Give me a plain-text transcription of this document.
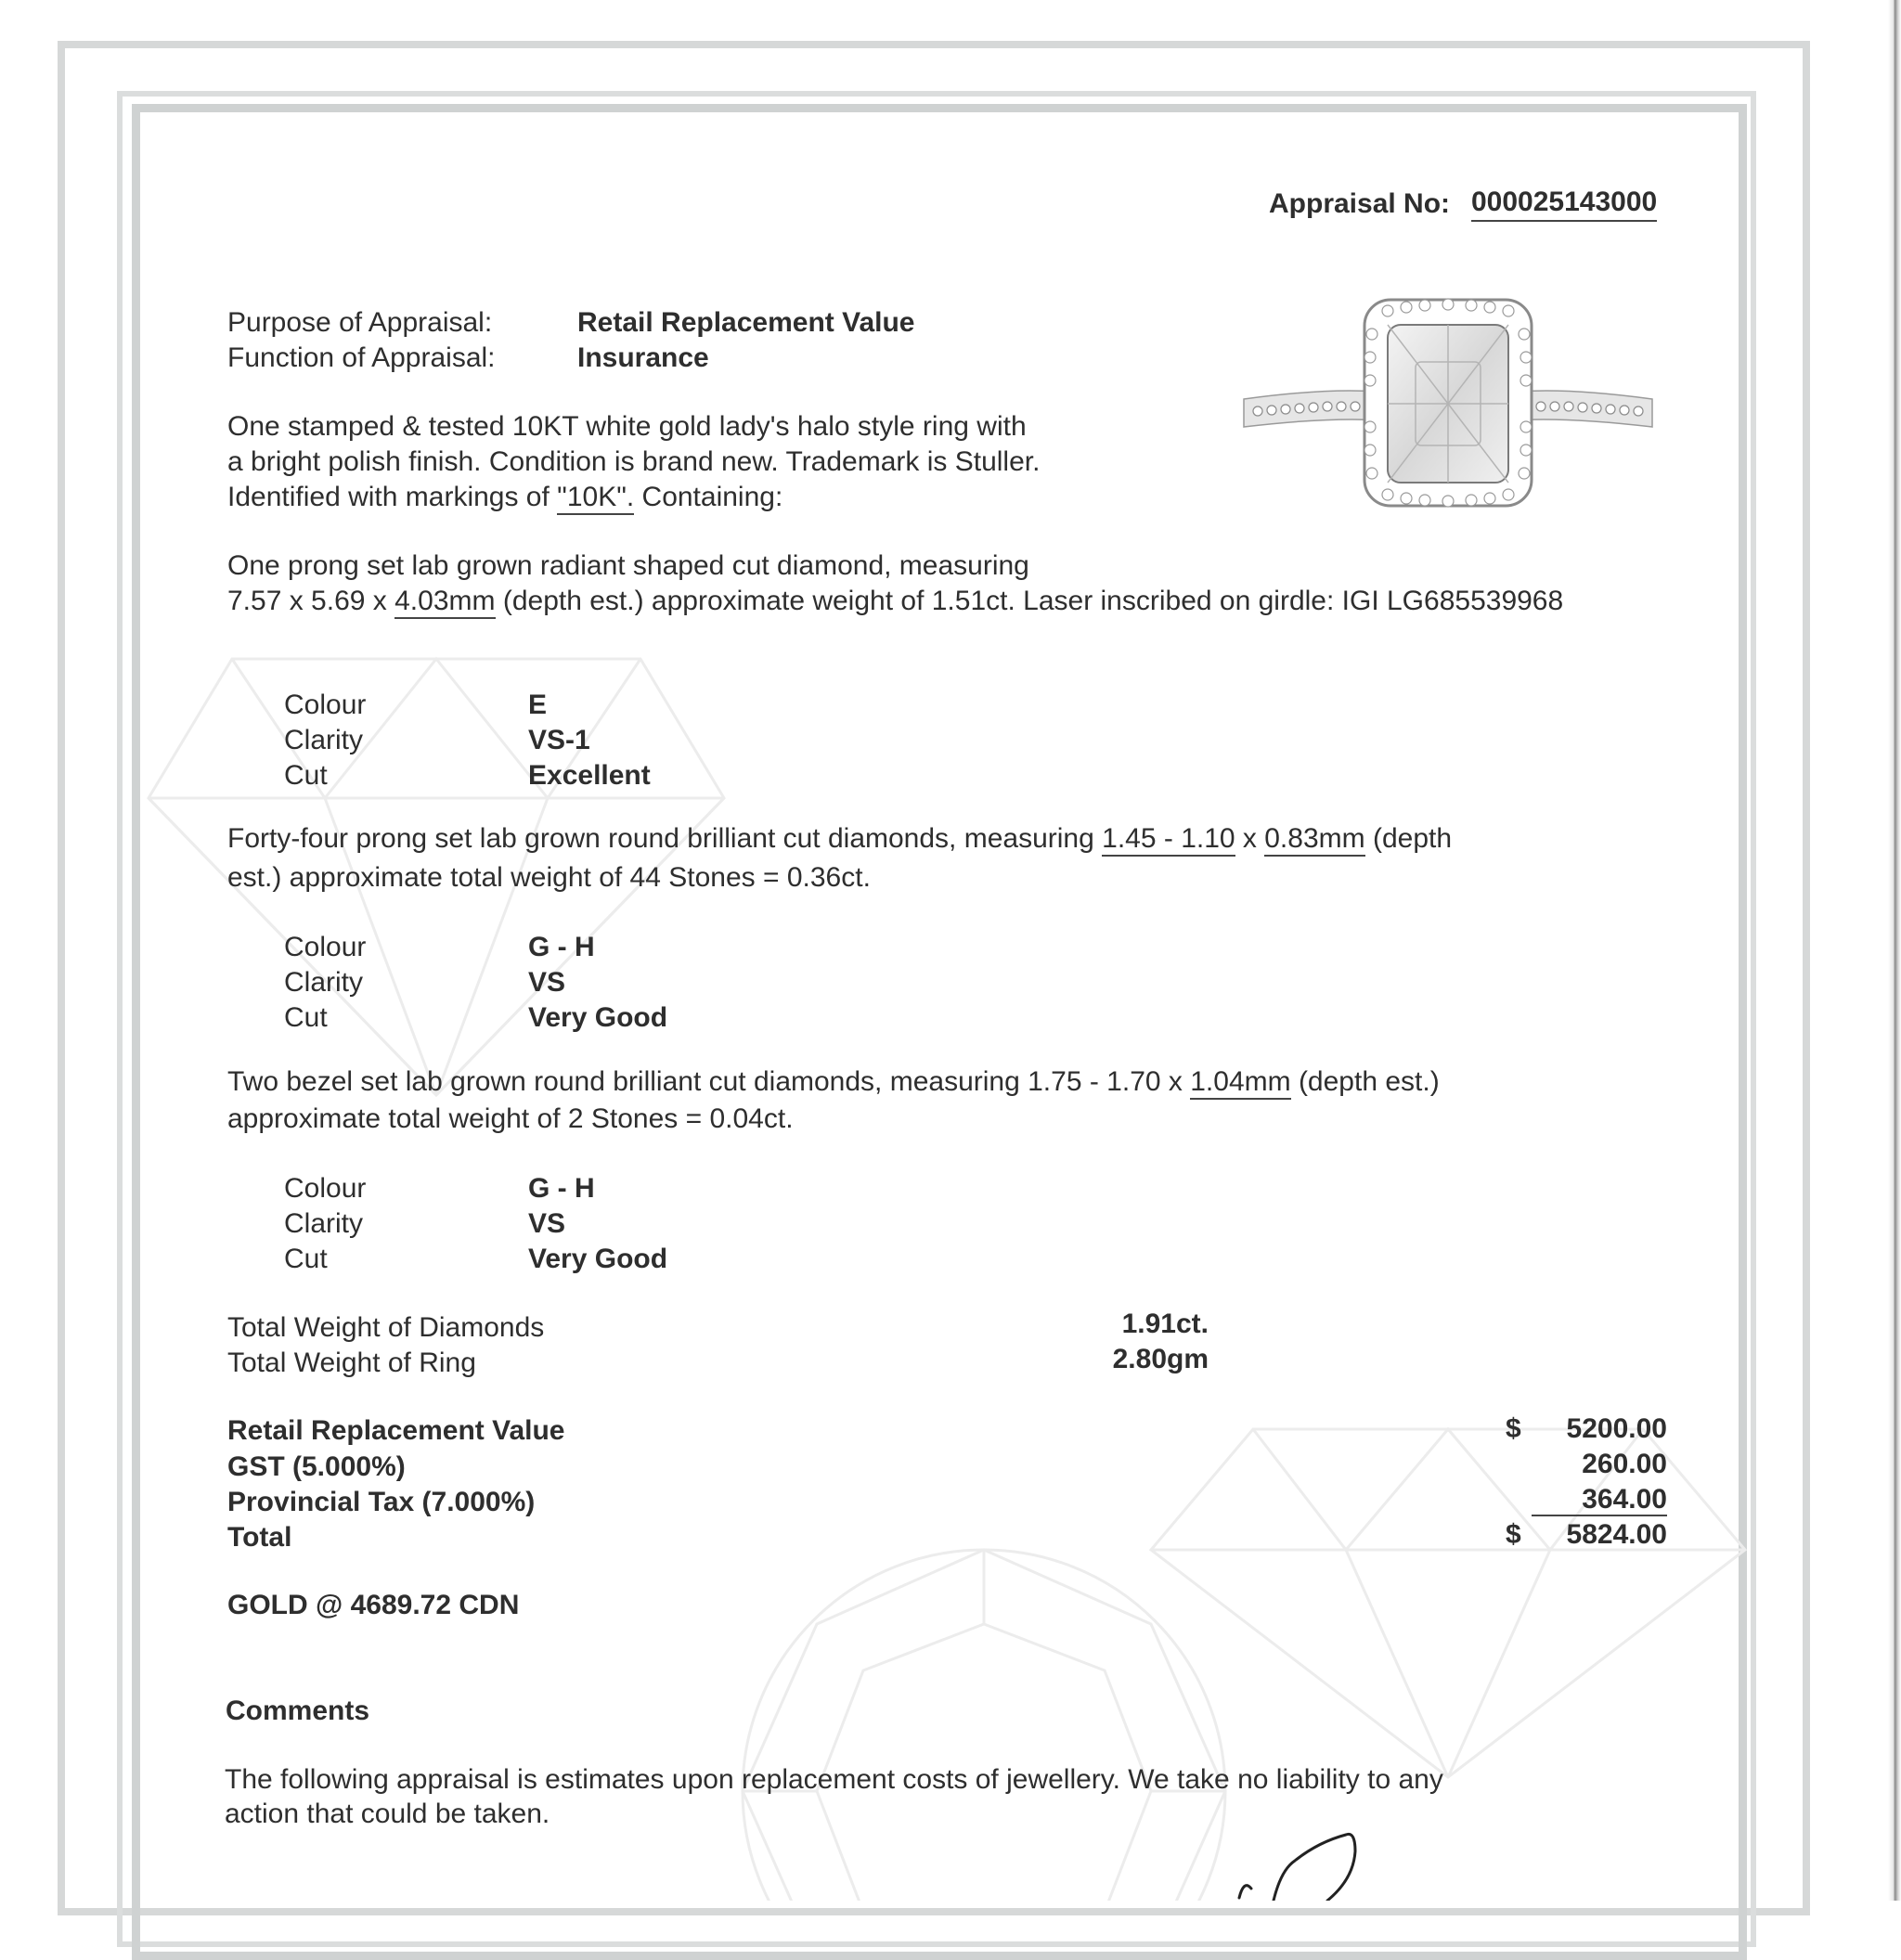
Appraisal No: 000025143000
Purpose of Appraisal:	Retail Replacement Value
Function of Appraisal:	Insurance
One stamped & tested 10KT white gold lady's halo style ring with
a bright polish finish. Condition is brand new. Trademark is Stuller.
Identified with markings of "10K". Containing:
One prong set lab grown radiant shaped cut diamond, measuring
7.57 x 5.69 x 4.03mm (depth est.) approximate weight of 1.51ct. Laser inscribed on girdle: IGI LG685539968
Colour	E
Clarity	VS-1
Cut	Excellent
Forty-four prong set lab grown round brilliant cut diamonds, measuring 1.45 - 1.10 x 0.83mm (depth
est.) approximate total weight of 44 Stones = 0.36ct.
Colour	G - H
Clarity	VS
Cut	Very Good
Two bezel set lab grown round brilliant cut diamonds, measuring 1.75 - 1.70 x 1.04mm (depth est.)
approximate total weight of 2 Stones = 0.04ct.
Colour	G - H
Clarity	VS
Cut	Very Good
Total Weight of Diamonds	1.91ct.
Total Weight of Ring	2.80gm
Retail Replacement Value	$	5200.00
GST (5.000%)	260.00
Provincial Tax (7.000%)	364.00
Total	$	5824.00
GOLD @ 4689.72 CDN
Comments
The following appraisal is estimates upon replacement costs of jewellery. We take no liability to any
action that could be taken.
